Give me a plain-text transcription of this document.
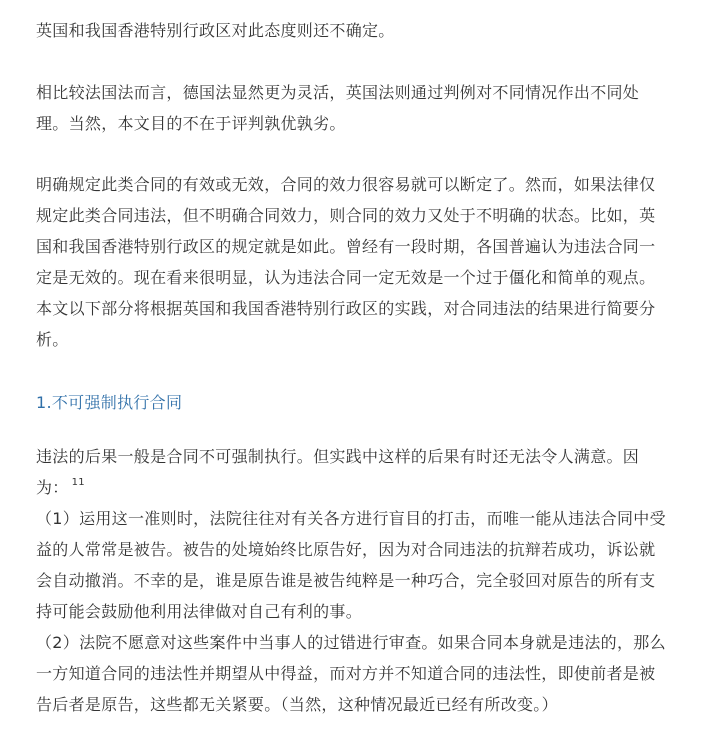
英国和我国香港特别行政区对此态度则还不确定。

相比较法国法而言，德国法显然更为灵活，英国法则通过判例对不同情况作出不同处
理。当然，本文目的不在于评判孰优孰劣。

明确规定此类合同的有效或无效，合同的效力很容易就可以断定了。然而，如果法律仅
规定此类合同违法，但不明确合同效力，则合同的效力又处于不明确的状态。比如，英
国和我国香港特别行政区的规定就是如此。曾经有一段时期，各国普遍认为违法合同一
定是无效的。现在看来很明显，认为违法合同一定无效是一个过于僵化和简单的观点。
本文以下部分将根据英国和我国香港特别行政区的实践，对合同违法的结果进行简要分
析。

1.不可强制执行合同

违法的后果一般是合同不可强制执行。但实践中这样的后果有时还无法令人满意。因
为： $^{11}$

（1）运用这一准则时，法院往往对有关各方进行盲目的打击，而唯一能从违法合同中受
益的人常常是被告。被告的处境始终比原告好，因为对合同违法的抗辩若成功，诉讼就
会自动撤消。不幸的是，谁是原告谁是被告纯粹是一种巧合，完全驳回对原告的所有支
持可能会鼓励他利用法律做对自己有利的事。

（2）法院不愿意对这些案件中当事人的过错进行审查。如果合同本身就是违法的，那么
一方知道合同的违法性并期望从中得益，而对方并不知道合同的违法性，即使前者是被
告后者是原告，这些都无关紧要。（当然，这种情况最近已经有所改变。）
